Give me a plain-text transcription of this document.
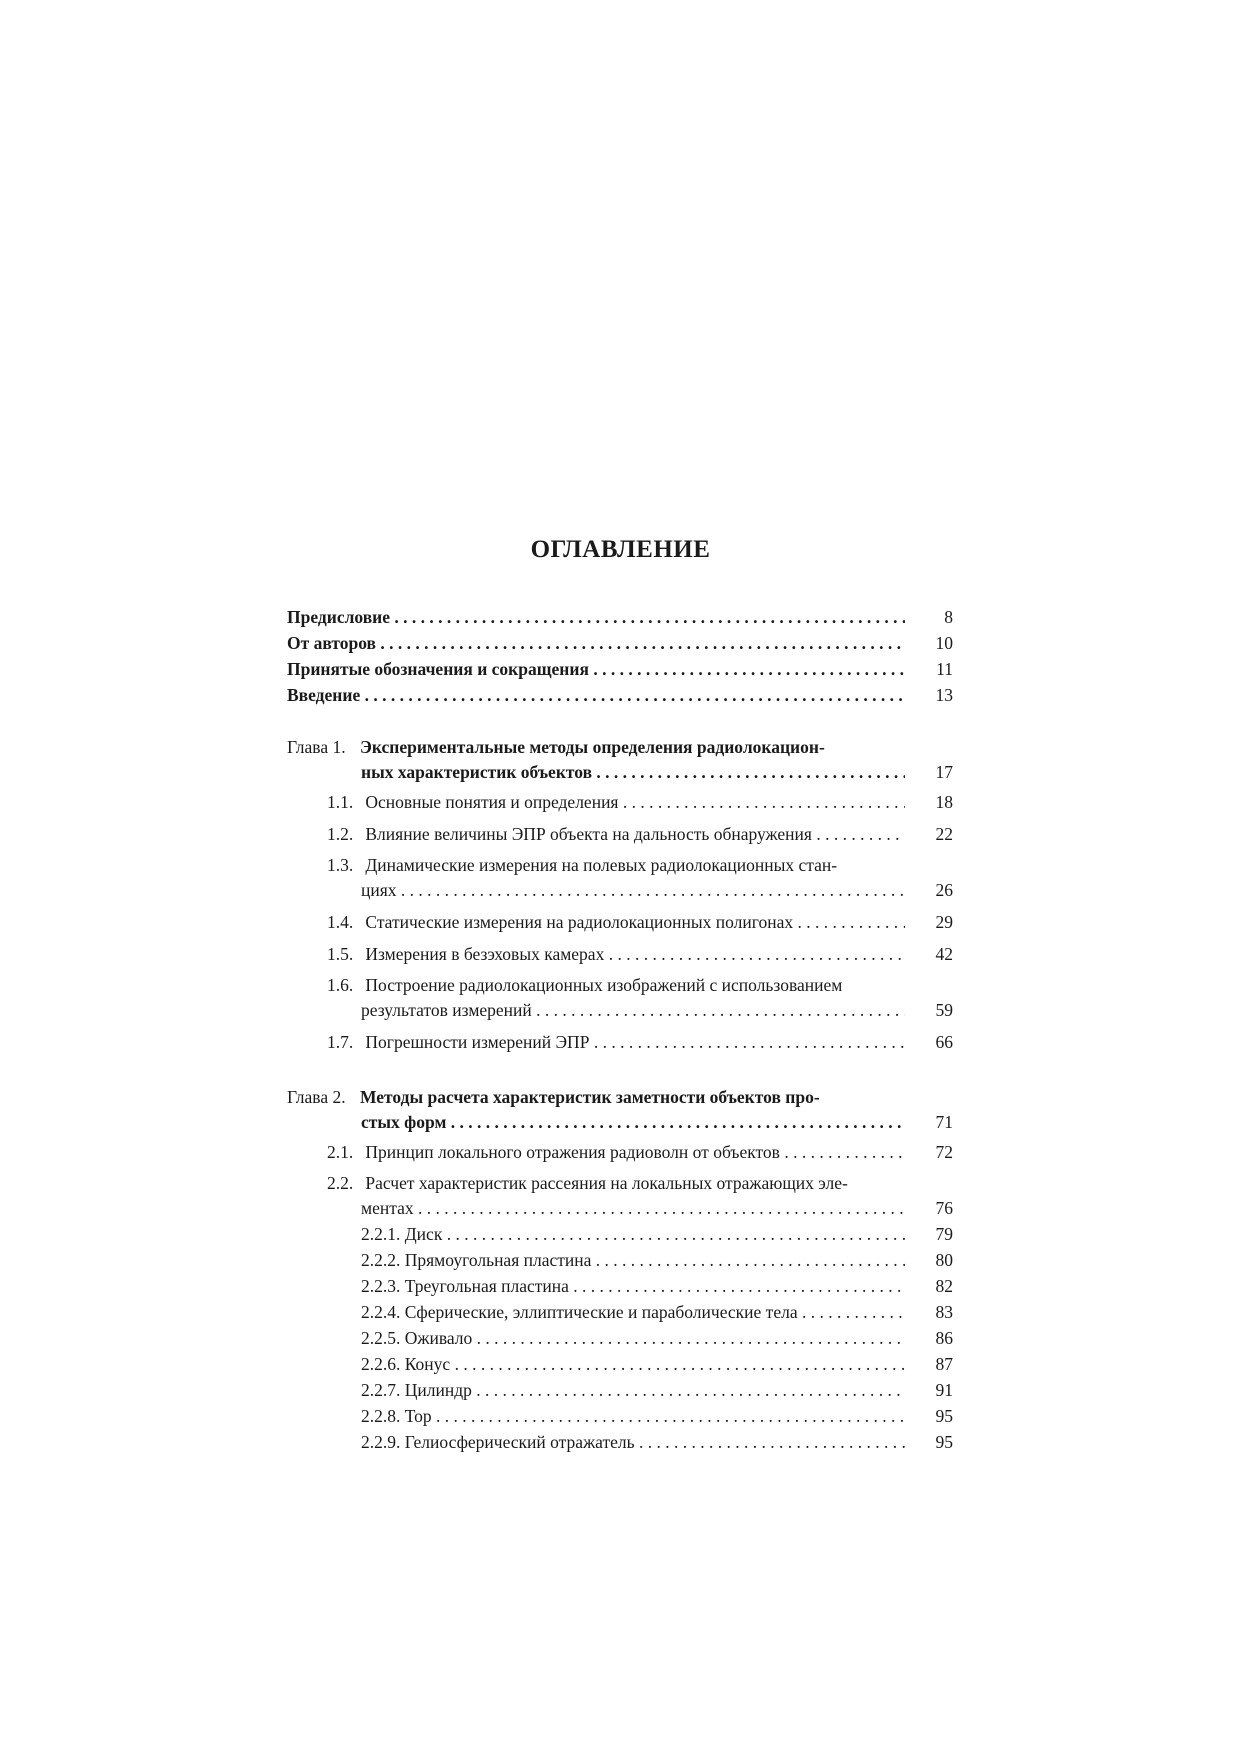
ОГЛАВЛЕНИЕ
Предисловие . . .	8
От авторов . . .	10
Принятые обозначения и сокращения . . .	11
Введение . . .	13
Глава 1. Экспериментальные методы определения радиолокацион-
ных характеристик объектов . . .	17
1.1. Основные понятия и определения . . .	18
1.2. Влияние величины ЭПР объекта на дальность обнаружения . . .	22
1.3. Динамические измерения на полевых радиолокационных стан-
циях . . .	26
1.4. Статические измерения на радиолокационных полигонах . . .	29
1.5. Измерения в безэховых камерах . . .	42
1.6. Построение радиолокационных изображений с использованием
результатов измерений . . .	59
1.7. Погрешности измерений ЭПР . . .	66
Глава 2. Методы расчета характеристик заметности объектов про-
стых форм . . .	71
2.1. Принцип локального отражения радиоволн от объектов . . .	72
2.2. Расчет характеристик рассеяния на локальных отражающих эле-
ментах . . .	76
2.2.1. Диск . . .	79
2.2.2. Прямоугольная пластина . . .	80
2.2.3. Треугольная пластина . . .	82
2.2.4. Сферические, эллиптические и параболические тела . . .	83
2.2.5. Оживало . . .	86
2.2.6. Конус . . .	87
2.2.7. Цилиндр . . .	91
2.2.8. Тор . . .	95
2.2.9. Гелиосферический отражатель . . .	95
